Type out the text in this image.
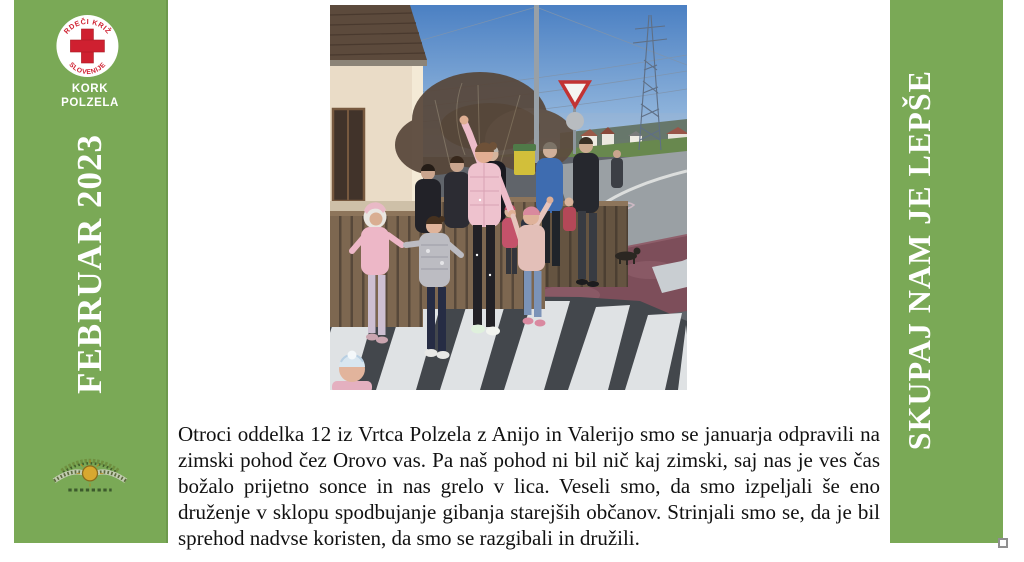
RDEČI KRIŽ
SLOVENIJE
KORK
POLZELA
FEBRUAR 2023	SKUPAJ NAM JE LEPŠE

Otroci oddelka 12 iz Vrtca Polzela z Anijo in Valerijo smo se januarja odpravili na zimski pohod čez Orovo vas. Pa naš pohod ni bil nič kaj zimski, saj nas je ves čas božalo prijetno sonce in nas grelo v lica. Veseli smo, da smo izpeljali še eno druženje v sklopu spodbujanje gibanja starejših občanov. Strinjali smo se, da je bil sprehod nadvse koristen, da smo se razgibali in družili.
